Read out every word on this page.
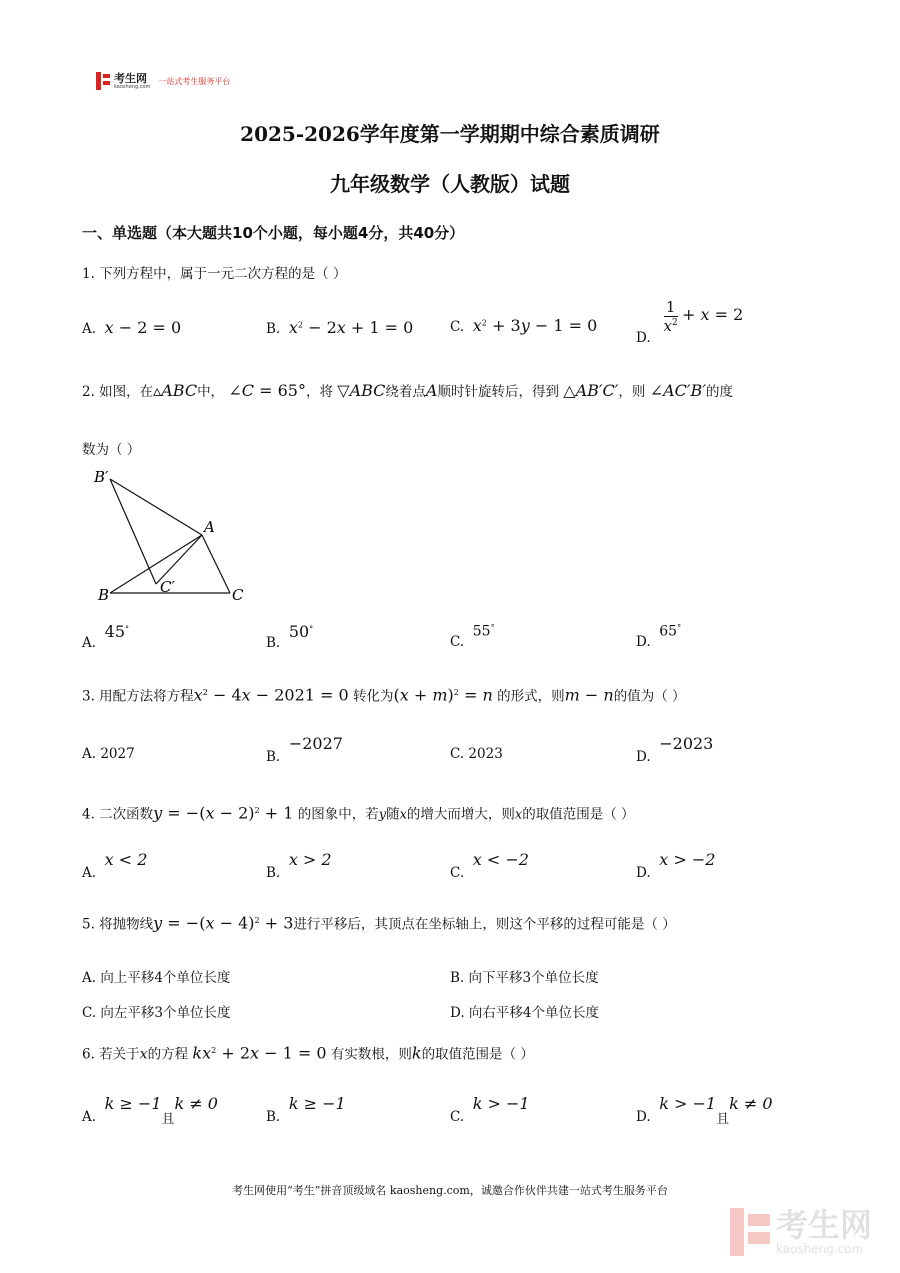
考生网
kaosheng.com
一站式考生服务平台
2025-2026学年度第一学期期中综合素质调研
九年级数学（人教版）试题
一、单选题（本大题共10个小题，每小题4分，共40分）
1. 下列方程中，属于一元二次方程的是（ ）
A. x − 2 = 0	B. $x^2 - 2x + 1 = 0$	C. $x^2 + 3y - 1 = 0$
D.
$\frac{1}{x^2} + x = 2$
2. 如图，在▵ABC中， ∠C = 65°，将 ▽ABC绕着点A顺时针旋转后，得到 △AB′C′，则 ∠AC′B′的度
数为（ ）
B′
A
C′
B	C
A.  45°
B.  50°
C.  55°
D.  65°
3. 用配方法将方程$x^2 - 4x - 2021 = 0$ 转化为$(x + m)^2 = n$ 的形式，则m − n的值为（ ）
A. 2027	B.  −2027
C. 2023	D.  −2023
4. 二次函数$y = -(x - 2)^2 + 1$ 的图象中，若y随x的增大而增大，则x的取值范围是（ ）
A.  x < 2
B.  x > 2
C.  x < −2
D.  x > −2
5. 将抛物线$y = -(x - 4)^2 + 3$进行平移后，其顶点在坐标轴上，则这个平移的过程可能是（ ）
A. 向上平移4个单位长度	B. 向下平移3个单位长度
C. 向左平移3个单位长度	D. 向右平移4个单位长度
6. 若关于x的方程 $kx^2 + 2x - 1 = 0$ 有实数根，则k的取值范围是（ ）
A.  k ≥ −1且k ≠ 0
B.  k ≥ −1
C.  k > −1
D.  k > −1且k ≠ 0
考生网使用“考生”拼音顶级域名 kaosheng.com，诚邀合作伙伴共建一站式考生服务平台
考生网
kaosheng.com
